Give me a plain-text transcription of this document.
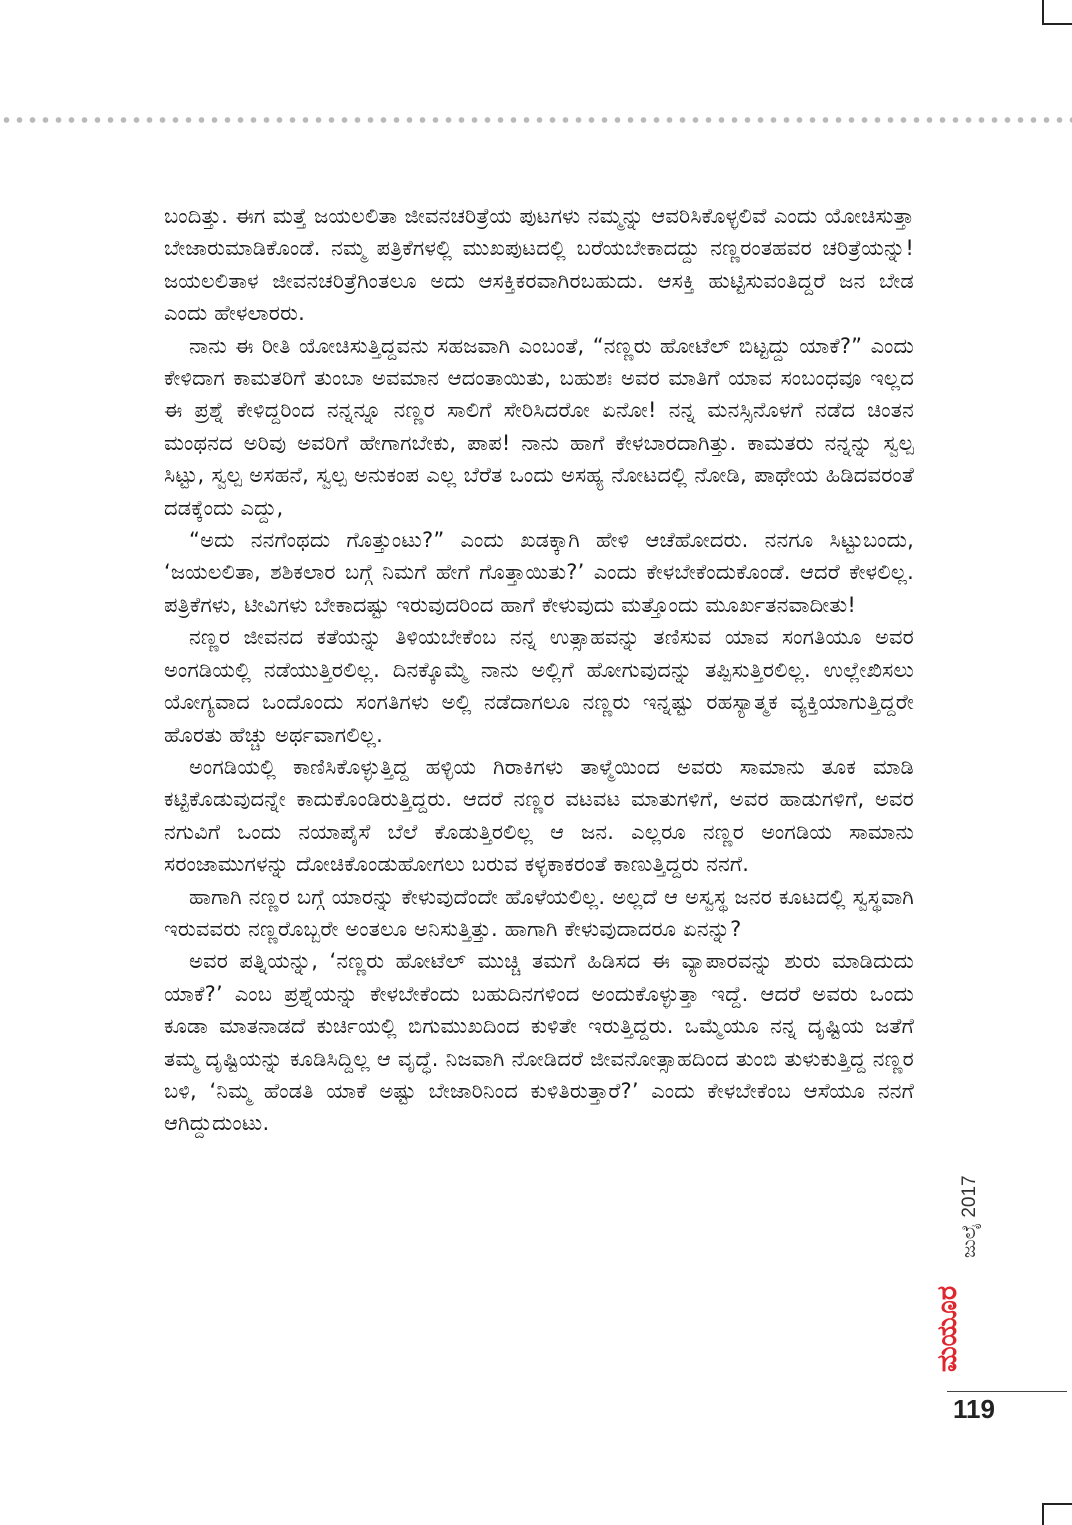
ಬಂದಿತ್ತು. ಈಗ ಮತ್ತೆ ಜಯಲಲಿತಾ ಜೀವನಚರಿತ್ರೆಯ ಪುಟಗಳು ನಮ್ಮನ್ನು ಆವರಿಸಿಕೊಳ್ಳಲಿವೆ ಎಂದು ಯೋಚಿಸುತ್ತಾ ಬೇಜಾರುಮಾಡಿಕೊಂಡೆ. ನಮ್ಮ ಪತ್ರಿಕೆಗಳಲ್ಲಿ ಮುಖಪುಟದಲ್ಲಿ ಬರೆಯಬೇಕಾದದ್ದು ನಣ್ಣರಂತಹವರ ಚರಿತ್ರೆಯನ್ನು! ಜಯಲಲಿತಾಳ ಜೀವನಚರಿತ್ರೆಗಿಂತಲೂ ಅದು ಆಸಕ್ತಿಕರವಾಗಿರಬಹುದು. ಆಸಕ್ತಿ ಹುಟ್ಟಿಸುವಂತಿದ್ದರೆ ಜನ ಬೇಡ ಎಂದು ಹೇಳಲಾರರು.

ನಾನು ಈ ರೀತಿ ಯೋಚಿಸುತ್ತಿದ್ದವನು ಸಹಜವಾಗಿ ಎಂಬಂತೆ, “ನಣ್ಣರು ಹೋಟೆಲ್ ಬಿಟ್ಟದ್ದು ಯಾಕೆ?” ಎಂದು ಕೇಳಿದಾಗ ಕಾಮತರಿಗೆ ತುಂಬಾ ಅವಮಾನ ಆದಂತಾಯಿತು, ಬಹುಶಃ ಅವರ ಮಾತಿಗೆ ಯಾವ ಸಂಬಂಧವೂ ಇಲ್ಲದ ಈ ಪ್ರಶ್ನೆ ಕೇಳಿದ್ದರಿಂದ ನನ್ನನ್ನೂ ನಣ್ಣರ ಸಾಲಿಗೆ ಸೇರಿಸಿದರೋ ಏನೋ! ನನ್ನ ಮನಸ್ಸಿನೊಳಗೆ ನಡೆದ ಚಿಂತನ ಮಂಥನದ ಅರಿವು ಅವರಿಗೆ ಹೇಗಾಗಬೇಕು, ಪಾಪ! ನಾನು ಹಾಗೆ ಕೇಳಬಾರದಾಗಿತ್ತು. ಕಾಮತರು ನನ್ನನ್ನು ಸ್ವಲ್ಪ ಸಿಟ್ಟು, ಸ್ವಲ್ಪ ಅಸಹನೆ, ಸ್ವಲ್ಪ ಅನುಕಂಪ ಎಲ್ಲ ಬೆರೆತ ಒಂದು ಅಸಹ್ಯ ನೋಟದಲ್ಲಿ ನೋಡಿ, ಪಾಥೇಯ ಹಿಡಿದವರಂತೆ ದಡಕ್ಕೆಂದು ಎದ್ದು,

“ಅದು ನನಗೆಂಥದು ಗೊತ್ತುಂಟು?” ಎಂದು ಖಡಕ್ಕಾಗಿ ಹೇಳಿ ಆಚೆಹೋದರು. ನನಗೂ ಸಿಟ್ಟುಬಂದು, ‘ಜಯಲಲಿತಾ, ಶಶಿಕಲಾರ ಬಗ್ಗೆ ನಿಮಗೆ ಹೇಗೆ ಗೊತ್ತಾಯಿತು?’ ಎಂದು ಕೇಳಬೇಕೆಂದುಕೊಂಡೆ. ಆದರೆ ಕೇಳಲಿಲ್ಲ. ಪತ್ರಿಕೆಗಳು, ಟೀವಿಗಳು ಬೇಕಾದಷ್ಟು ಇರುವುದರಿಂದ ಹಾಗೆ ಕೇಳುವುದು ಮತ್ತೊಂದು ಮೂರ್ಖತನವಾದೀತು!

ನಣ್ಣರ ಜೀವನದ ಕತೆಯನ್ನು ತಿಳಿಯಬೇಕೆಂಬ ನನ್ನ ಉತ್ಸಾಹವನ್ನು ತಣಿಸುವ ಯಾವ ಸಂಗತಿಯೂ ಅವರ ಅಂಗಡಿಯಲ್ಲಿ ನಡೆಯುತ್ತಿರಲಿಲ್ಲ. ದಿನಕ್ಕೊಮ್ಮೆ ನಾನು ಅಲ್ಲಿಗೆ ಹೋಗುವುದನ್ನು ತಪ್ಪಿಸುತ್ತಿರಲಿಲ್ಲ. ಉಲ್ಲೇಖಿಸಲು ಯೋಗ್ಯವಾದ ಒಂದೊಂದು ಸಂಗತಿಗಳು ಅಲ್ಲಿ ನಡೆದಾಗಲೂ ನಣ್ಣರು ಇನ್ನಷ್ಟು ರಹಸ್ಯಾತ್ಮಕ ವ್ಯಕ್ತಿಯಾಗುತ್ತಿದ್ದರೇ ಹೊರತು ಹೆಚ್ಚು ಅರ್ಥವಾಗಲಿಲ್ಲ.

ಅಂಗಡಿಯಲ್ಲಿ ಕಾಣಿಸಿಕೊಳ್ಳುತ್ತಿದ್ದ ಹಳ್ಳಿಯ ಗಿರಾಕಿಗಳು ತಾಳ್ಮೆಯಿಂದ ಅವರು ಸಾಮಾನು ತೂಕ ಮಾಡಿ ಕಟ್ಟಿಕೊಡುವುದನ್ನೇ ಕಾದುಕೊಂಡಿರುತ್ತಿದ್ದರು. ಆದರೆ ನಣ್ಣರ ವಟವಟ ಮಾತುಗಳಿಗೆ, ಅವರ ಹಾಡುಗಳಿಗೆ, ಅವರ ನಗುವಿಗೆ ಒಂದು ನಯಾಪೈಸೆ ಬೆಲೆ ಕೊಡುತ್ತಿರಲಿಲ್ಲ ಆ ಜನ. ಎಲ್ಲರೂ ನಣ್ಣರ ಅಂಗಡಿಯ ಸಾಮಾನು ಸರಂಜಾಮುಗಳನ್ನು ದೋಚಿಕೊಂಡುಹೋಗಲು ಬರುವ ಕಳ್ಳಕಾಕರಂತೆ ಕಾಣುತ್ತಿದ್ದರು ನನಗೆ.

ಹಾಗಾಗಿ ನಣ್ಣರ ಬಗ್ಗೆ ಯಾರನ್ನು ಕೇಳುವುದೆಂದೇ ಹೊಳೆಯಲಿಲ್ಲ. ಅಲ್ಲದೆ ಆ ಅಸ್ವಸ್ಥ ಜನರ ಕೂಟದಲ್ಲಿ ಸ್ವಸ್ಥವಾಗಿ ಇರುವವರು ನಣ್ಣರೊಬ್ಬರೇ ಅಂತಲೂ ಅನಿಸುತ್ತಿತ್ತು. ಹಾಗಾಗಿ ಕೇಳುವುದಾದರೂ ಏನನ್ನು?

ಅವರ ಪತ್ನಿಯನ್ನು, ‘ನಣ್ಣರು ಹೋಟೆಲ್ ಮುಚ್ಚಿ ತಮಗೆ ಹಿಡಿಸದ ಈ ವ್ಯಾಪಾರವನ್ನು ಶುರು ಮಾಡಿದುದು ಯಾಕೆ?’ ಎಂಬ ಪ್ರಶ್ನೆಯನ್ನು ಕೇಳಬೇಕೆಂದು ಬಹುದಿನಗಳಿಂದ ಅಂದುಕೊಳ್ಳುತ್ತಾ ಇದ್ದೆ. ಆದರೆ ಅವರು ಒಂದು ಕೂಡಾ ಮಾತನಾಡದೆ ಕುರ್ಚಿಯಲ್ಲಿ ಬಿಗುಮುಖದಿಂದ ಕುಳಿತೇ ಇರುತ್ತಿದ್ದರು. ಒಮ್ಮೆಯೂ ನನ್ನ ದೃಷ್ಟಿಯ ಜತೆಗೆ ತಮ್ಮ ದೃಷ್ಟಿಯನ್ನು ಕೂಡಿಸಿದ್ದಿಲ್ಲ ಆ ವೃದ್ಧೆ. ನಿಜವಾಗಿ ನೋಡಿದರೆ ಜೀವನೋತ್ಸಾಹದಿಂದ ತುಂಬಿ ತುಳುಕುತ್ತಿದ್ದ ನಣ್ಣರ ಬಳಿ, ‘ನಿಮ್ಮ ಹೆಂಡತಿ ಯಾಕೆ ಅಷ್ಟು ಬೇಜಾರಿನಿಂದ ಕುಳಿತಿರುತ್ತಾರೆ?’ ಎಂದು ಕೇಳಬೇಕೆಂಬ ಆಸೆಯೂ ನನಗೆ ಆಗಿದ್ದುದುಂಟು.

ಮಯೂರ
ಜುಲೈ 2017
119
